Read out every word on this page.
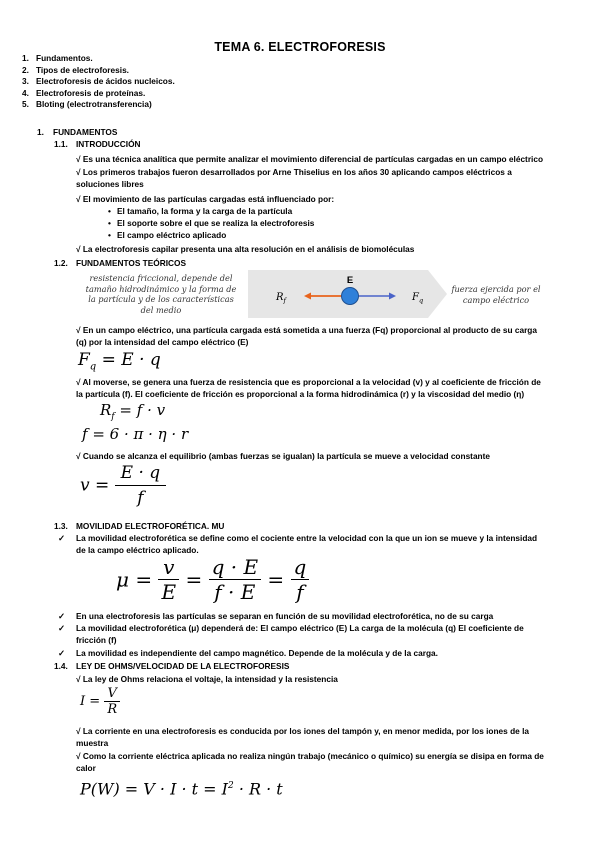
TEMA 6. ELECTROFORESIS
1. Fundamentos.
2. Tipos de electroforesis.
3. Electroforesis de ácidos nucleicos.
4. Electroforesis de proteínas.
5. Bloting (electrotransferencia)
1. FUNDAMENTOS
1.1. INTRODUCCIÓN
√ Es una técnica analítica que permite analizar el movimiento diferencial de partículas cargadas en un campo eléctrico
√ Los primeros trabajos fueron desarrollados por Arne Thiselius en los años 30 aplicando campos eléctricos a
soluciones libres
√ El movimiento de las partículas cargadas está influenciado por:
• El tamaño, la forma y la carga de la partícula
• El soporte sobre el que se realiza la electroforesis
• El campo eléctrico aplicado
√ La electroforesis capilar presenta una alta resolución en el análisis de biomoléculas
1.2. FUNDAMENTOS TEÓRICOS
resistencia friccional, depende del tamaño hidrodinámico y la forma de la partícula y de los características del medio
E
$R_f$	$F_q$
fuerza ejercida por el campo eléctrico
√ En un campo eléctrico, una partícula cargada está sometida a una fuerza (Fq) proporcional al producto de su carga
(q) por la intensidad del campo eléctrico (E)
$F_q = E \cdot q$
√ Al moverse, se genera una fuerza de resistencia que es proporcional a la velocidad (v) y al coeficiente de fricción de
la partícula (f). El coeficiente de fricción es proporcional a la forma hidrodinámica (r) y la viscosidad del medio (η)
$R_f = f \cdot v$
f = 6 · π · η · r
√ Cuando se alcanza el equilibrio (ambas fuerzas se igualan) la partícula se mueve a velocidad constante
$v = \frac{E \cdot q}{f}$
1.3. MOVILIDAD ELECTROFORÉTICA. MU
✓ La movilidad electroforética se define como el cociente entre la velocidad con la que un ion se mueve y la intensidad
de la campo eléctrico aplicado.
$\mu = \frac{v}{E} = \frac{q \cdot E}{f \cdot E} = \frac{q}{f}$
✓ En una electroforesis las partículas se separan en función de su movilidad electroforética, no de su carga
✓ La movilidad electroforética (μ) dependerá de: El campo eléctrico (E) La carga de la molécula (q) El coeficiente de
fricción (f)
✓ La movilidad es independiente del campo magnético. Depende de la molécula y de la carga.
1.4. LEY DE OHMS/VELOCIDAD DE LA ELECTROFORESIS
√ La ley de Ohms relaciona el voltaje, la intensidad y la resistencia
$I = \frac{V}{R}$
√ La corriente en una electroforesis es conducida por los iones del tampón y, en menor medida, por los iones de la
muestra
√ Como la corriente eléctrica aplicada no realiza ningún trabajo (mecánico o químico) su energía se disipa en forma de
calor
$P(W) = V \cdot I \cdot t = I^2 \cdot R \cdot t$
